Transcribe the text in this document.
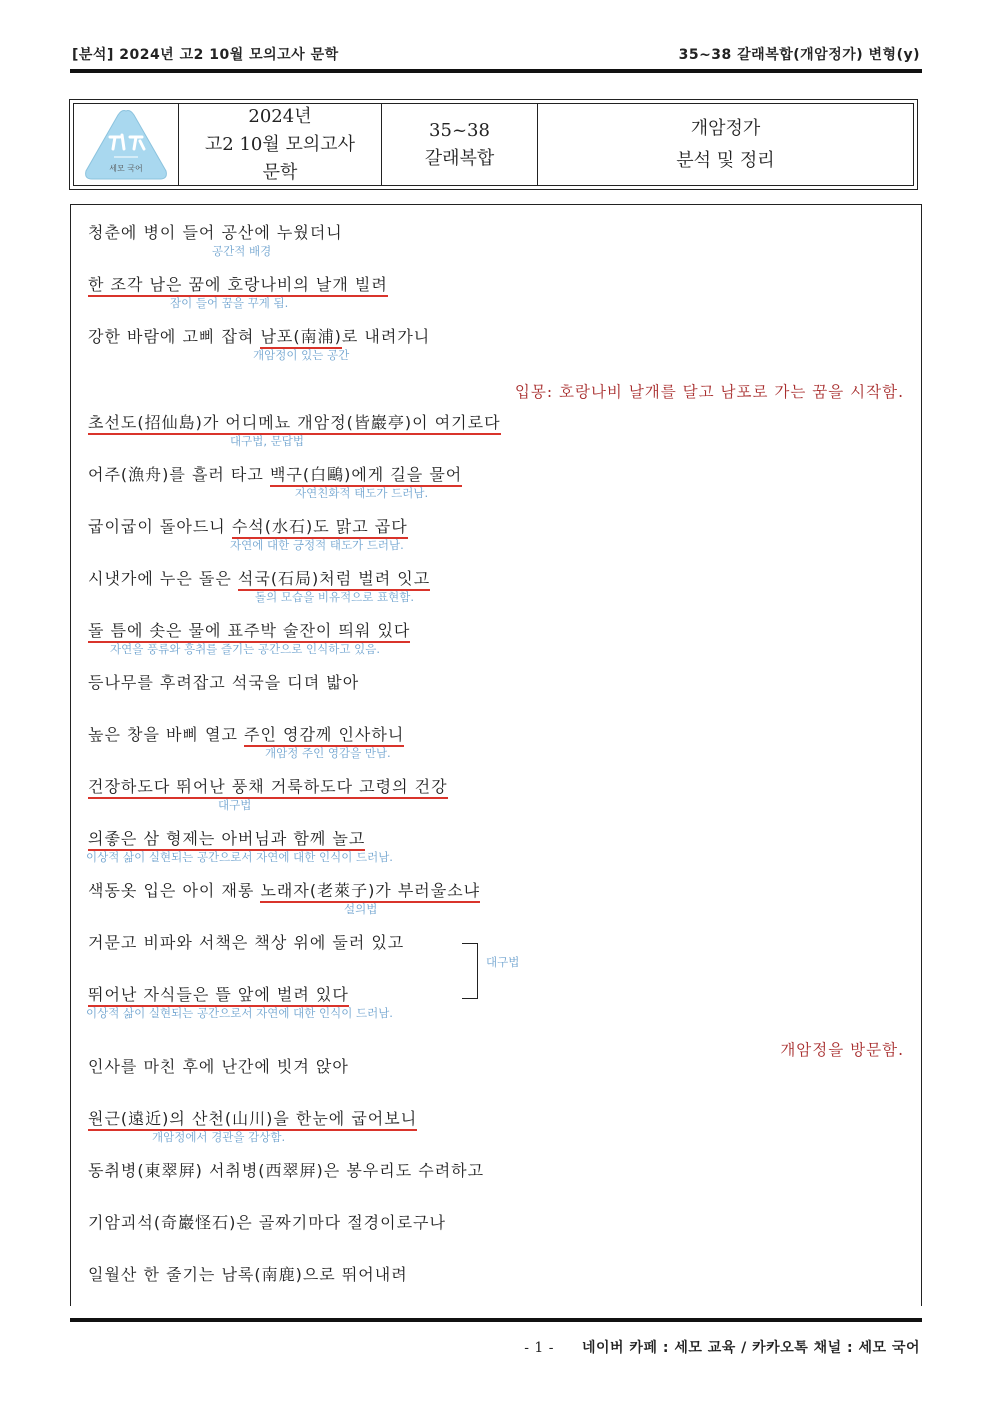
[분석] 2024년 고2 10월 모의고사 문학	35~38 갈래복합(개암정가) 변형(y)
세모 국어
2024년
고2 10월 모의고사
문학
35~38
갈래복합
개암정가
분석 및 정리
청춘에 병이 들어 공산에 누웠더니
공간적 배경
한 조각 남은 꿈에 호랑나비의 날개 빌려
잠이 들어 꿈을 꾸게 됨.
강한 바람에 고삐 잡혀 남포(南浦)로 내려가니
개암정이 있는 공간
입몽: 호랑나비 날개를 달고 남포로 가는 꿈을 시작함.
초선도(招仙島)가 어디메뇨 개암정(皆巖亭)이 여기로다
대구법, 문답법
어주(漁舟)를 흘러 타고 백구(白鷗)에게 길을 물어
자연친화적 태도가 드러남.
굽이굽이 돌아드니 수석(水石)도 맑고 곱다
자연에 대한 긍정적 태도가 드러남.
시냇가에 누은 돌은 석국(石局)처럼 벌려 잇고
돌의 모습을 비유적으로 표현함.
돌 틈에 솟은 물에 표주박 술잔이 띄워 있다
자연을 풍류와 흥취를 즐기는 공간으로 인식하고 있음.
등나무를 후려잡고 석국을 디뎌 밟아
높은 창을 바삐 열고 주인 영감께 인사하니
개암정 주인 영감을 만남.
건장하도다 뛰어난 풍채 거룩하도다 고령의 건강
대구법
의좋은 삼 형제는 아버님과 함께 놀고
이상적 삶이 실현되는 공간으로서 자연에 대한 인식이 드러남.
색동옷 입은 아이 재롱 노래자(老萊子)가 부러울소냐
설의법
거문고 비파와 서책은 책상 위에 둘러 있고
대구법
뛰어난 자식들은 뜰 앞에 벌려 있다
이상적 삶이 실현되는 공간으로서 자연에 대한 인식이 드러남.
개암정을 방문함.
인사를 마친 후에 난간에 빗겨 앉아
원근(遠近)의 산천(山川)을 한눈에 굽어보니
개암정에서 경관을 감상함.
동취병(東翠屛) 서취병(西翠屛)은 봉우리도 수려하고
기암괴석(奇巖怪石)은 골짜기마다 절경이로구나
일월산 한 줄기는 남록(南鹿)으로 뛰어내려
- 1 - 네이버 카페 : 세모 교육 / 카카오톡 채널 : 세모 국어
